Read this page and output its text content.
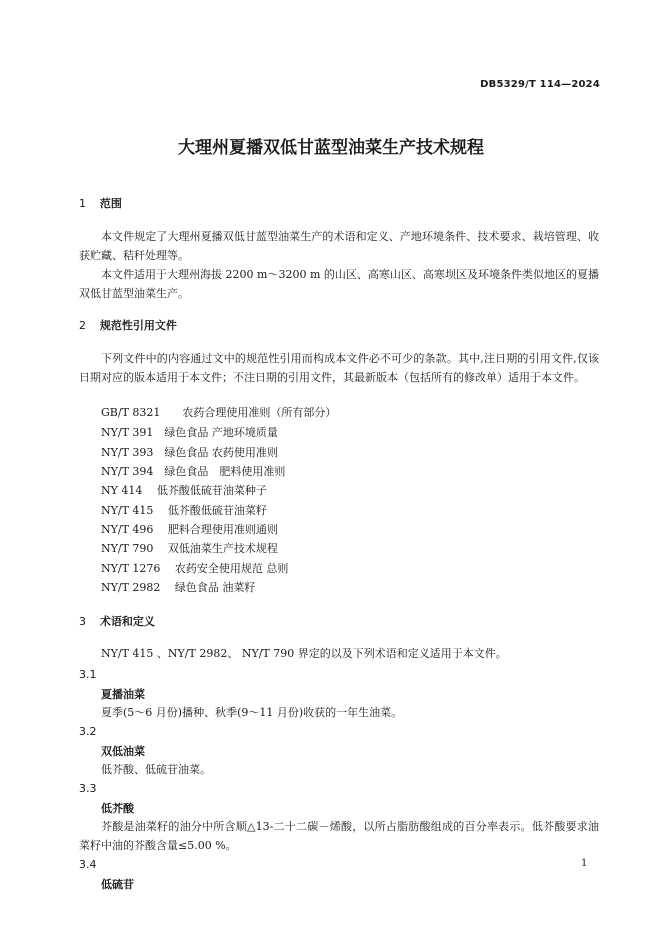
DB5329/T 114—2024
大理州夏播双低甘蓝型油菜生产技术规程
1 范围
本文件规定了大理州夏播双低甘蓝型油菜生产的术语和定义、产地环境条件、技术要求、栽培管理、收获贮藏、秸秆处理等。
本文件适用于大理州海拔 2200 m～3200 m 的山区、高寒山区、高寒坝区及环境条件类似地区的夏播双低甘蓝型油菜生产。
2 规范性引用文件
下列文件中的内容通过文中的规范性引用而构成本文件必不可少的条款。其中,注日期的引用文件,仅该日期对应的版本适用于本文件；不注日期的引用文件，其最新版本（包括所有的修改单）适用于本文件。
GB/T 8321　　农药合理使用准则（所有部分）
NY/T 391　绿色食品 产地环境质量
NY/T 393　绿色食品 农药使用准则
NY/T 394　绿色食品　肥料使用准则
NY 414　 低芥酸低硫苷油菜种子
NY/T 415　 低芥酸低硫苷油菜籽
NY/T 496　 肥料合理使用准则通则
NY/T 790　 双低油菜生产技术规程
NY/T 1276　 农药安全使用规范 总则
NY/T 2982　 绿色食品 油菜籽
3 术语和定义
NY/T 415 、NY/T 2982、 NY/T 790 界定的以及下列术语和定义适用于本文件。
3.1
夏播油菜
夏季(5～6 月份)播种、秋季(9～11 月份)收获的一年生油菜。
3.2
双低油菜
低芥酸、低硫苷油菜。
3.3
低芥酸
芥酸是油菜籽的油分中所含顺△13-二十二碳－烯酸，以所占脂肪酸组成的百分率表示。低芥酸要求油菜籽中油的芥酸含量≤5.00 %。
3.4
低硫苷
1
